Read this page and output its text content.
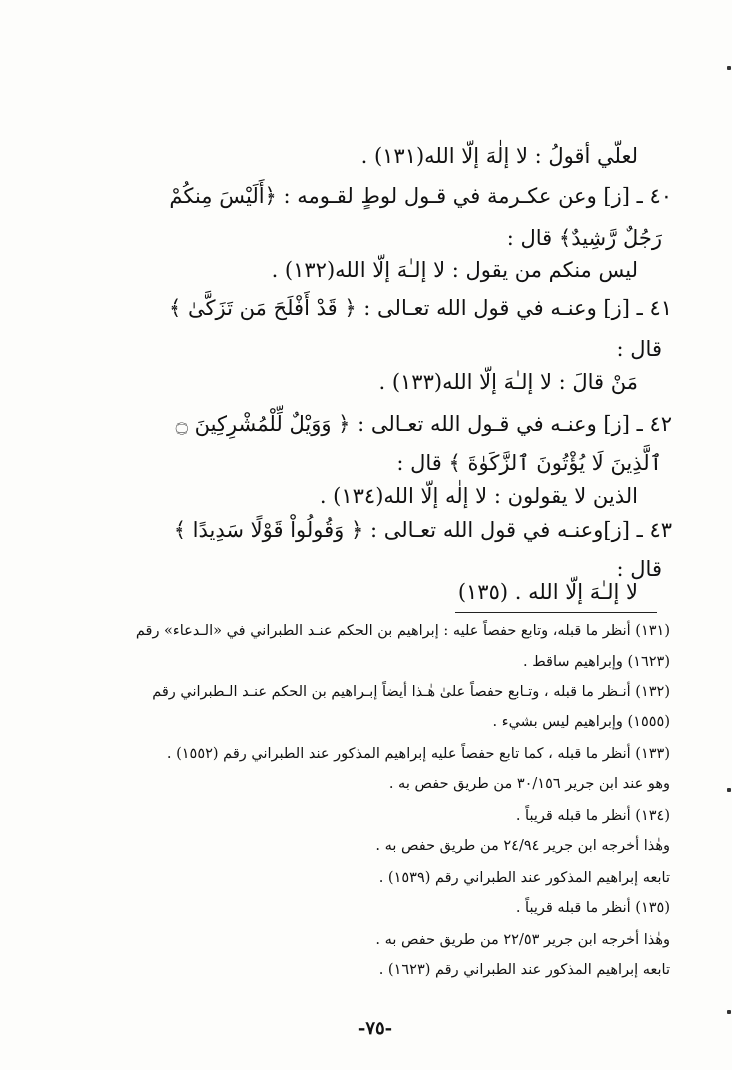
لعلّي أقولُ : لا إلٰهَ إلّا الله(١٣١) .
٤٠ ـ [ز] وعن عكـرمة في قـول لوطٍ لقـومه : ﴿أَلَيْسَ مِنكُمْ
رَجُلٌ رَّشِيدٌ﴾ قال :
ليس منكم من يقول : لا إلـٰهَ إلّا الله(١٣٢) .
٤١ ـ [ز] وعنـه في قول الله تعـالى : ﴿ قَدْ أَفْلَحَ مَن تَزَكَّىٰ ﴾
قال :
مَنْ قالَ : لا إلـٰهَ إلّا الله(١٣٣) .
٤٢ ـ [ز] وعنـه في قـول الله تعـالى : ﴿ وَوَيْلٌ لِّلْمُشْرِكِينَ ۝
ٱلَّذِينَ لَا يُؤْتُونَ ٱلزَّكَوٰةَ ﴾ قال :
الذين لا يقولون : لا إلٰه إلّا الله(١٣٤) .
٤٣ ـ [ز]وعنـه في قول الله تعـالى : ﴿ وَقُولُواْ قَوْلًا سَدِيدًا ﴾
قال :
لا إلـٰهَ إلّا الله . (١٣٥)
(١٣١) أنظر ما قبله، وتابع حفصاً عليه : إبراهيم بن الحكم عنـد الطبراني في «الـدعاء» رقم
(١٦٢٣) وإبراهيم ساقط .
(١٣٢) أنـظر ما قبله ، وتـابع حفصاً علىٰ هٰـذا أيضاً إبـراهيم بن الحكم عنـد الـطبراني رقم
(١٥٥٥) وإبراهيم ليس بشيء .
(١٣٣) أنظر ما قبله ، كما تابع حفصاً عليه إبراهيم المذكور عند الطبراني رقم (١٥٥٢) .
وهو عند ابن جرير ٣٠/١٥٦ من طريق حفص به .
(١٣٤) أنظر ما قبله قريباً .
وهٰذا أخرجه ابن جرير ٢٤/٩٤ من طريق حفص به .
تابعه إبراهيم المذكور عند الطبراني رقم (١٥٣٩) .
(١٣٥) أنظر ما قبله قريباً .
وهٰذا أخرجه ابن جرير ٢٢/٥٣ من طريق حفص به .
تابعه إبراهيم المذكور عند الطبراني رقم (١٦٢٣) .
-٧٥-
